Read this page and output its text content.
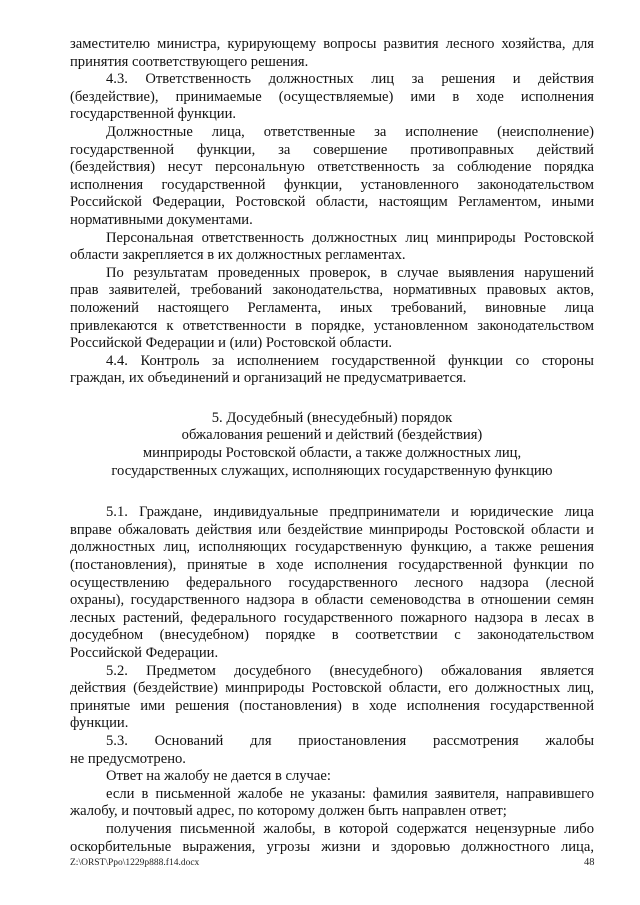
заместителю министра, курирующему вопросы развития лесного хозяйства, для

принятия соответствующего решения.

4.3. Ответственность должностных лиц за решения и действия

(бездействие), принимаемые (осуществляемые) ими в ходе исполнения

государственной функции.

Должностные лица, ответственные за исполнение (неисполнение)

государственной функции, за совершение противоправных действий

(бездействия) несут персональную ответственность за соблюдение порядка

исполнения государственной функции, установленного законодательством

Российской Федерации, Ростовской области, настоящим Регламентом, иными

нормативными документами.

Персональная ответственность должностных лиц минприроды Ростовской

области закрепляется в их должностных регламентах.

По результатам проведенных проверок, в случае выявления нарушений

прав заявителей, требований законодательства, нормативных правовых актов,

положений настоящего Регламента, иных требований, виновные лица

привлекаются к ответственности в порядке, установленном законодательством

Российской Федерации и (или) Ростовской области.

4.4. Контроль за исполнением государственной функции со стороны

граждан, их объединений и организаций не предусматривается.

5. Досудебный (внесудебный) порядок
обжалования решений и действий (бездействия)
минприроды Ростовской области, а также должностных лиц,
государственных служащих, исполняющих государственную функцию

5.1. Граждане, индивидуальные предприниматели и юридические лица

вправе обжаловать действия или бездействие минприроды Ростовской области и

должностных лиц, исполняющих государственную функцию, а также решения

(постановления), принятые в ходе исполнения государственной функции по

осуществлению федерального государственного лесного надзора (лесной

охраны), государственного надзора в области семеноводства в отношении семян

лесных растений, федерального государственного пожарного надзора в лесах в

досудебном (внесудебном) порядке в соответствии с законодательством

Российской Федерации.

5.2. Предметом досудебного (внесудебного) обжалования является

действия (бездействие) минприроды Ростовской области, его должностных лиц,

принятые ими решения (постановления) в ходе исполнения государственной

функции.

5.3. Оснований для приостановления рассмотрения жалобы

не предусмотрено.

Ответ на жалобу не дается в случае:

если в письменной жалобе не указаны: фамилия заявителя, направившего

жалобу, и почтовый адрес, по которому должен быть направлен ответ;

получения письменной жалобы, в которой содержатся нецензурные либо

оскорбительные выражения, угрозы жизни и здоровью должностного лица,

Z:\ORST\Ppo\1229p888.f14.docx	48
